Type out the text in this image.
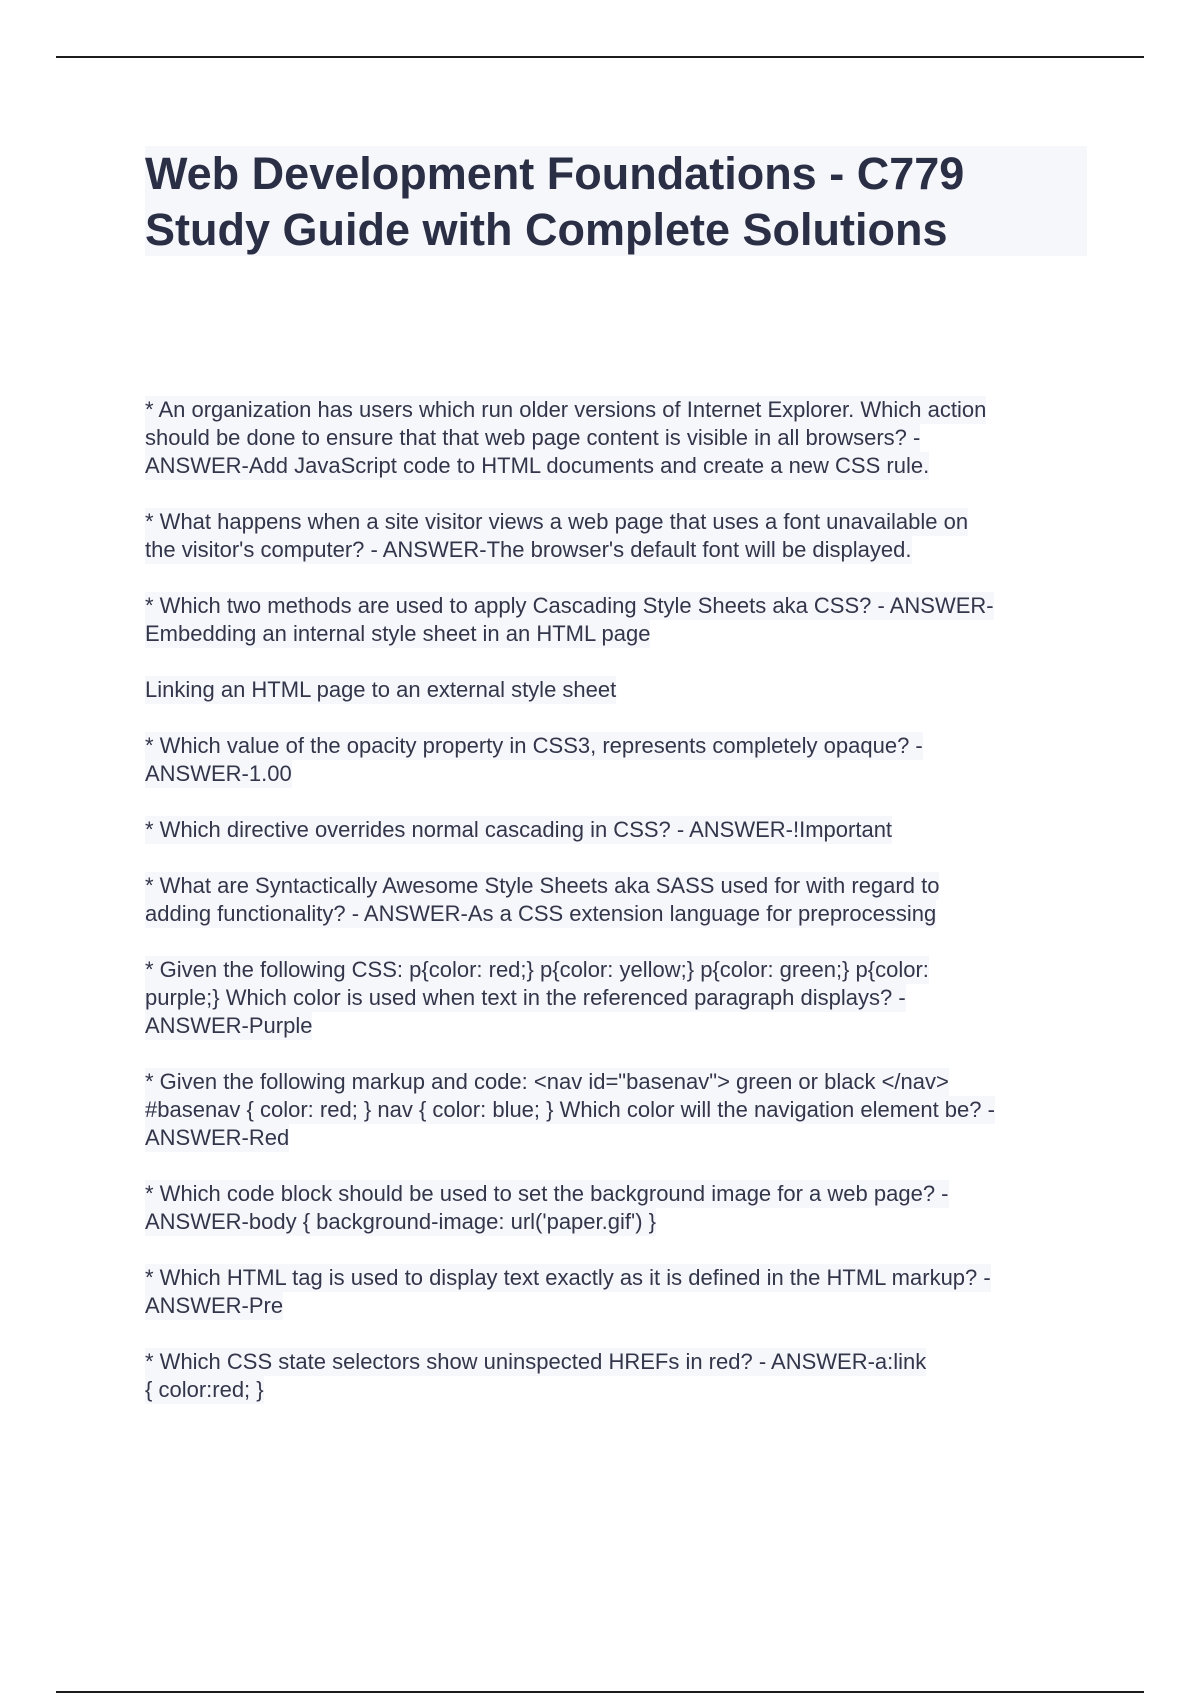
Web Development Foundations - C779
Study Guide with Complete Solutions
* An organization has users which run older versions of Internet Explorer. Which action
should be done to ensure that that web page content is visible in all browsers? -
ANSWER-Add JavaScript code to HTML documents and create a new CSS rule.
* What happens when a site visitor views a web page that uses a font unavailable on
the visitor's computer? - ANSWER-The browser's default font will be displayed.
* Which two methods are used to apply Cascading Style Sheets aka CSS? - ANSWER-
Embedding an internal style sheet in an HTML page
Linking an HTML page to an external style sheet
* Which value of the opacity property in CSS3, represents completely opaque? -
ANSWER-1.00
* Which directive overrides normal cascading in CSS? - ANSWER-!Important
* What are Syntactically Awesome Style Sheets aka SASS used for with regard to
adding functionality? - ANSWER-As a CSS extension language for preprocessing
* Given the following CSS: p{color: red;} p{color: yellow;} p{color: green;} p{color:
purple;} Which color is used when text in the referenced paragraph displays? -
ANSWER-Purple
* Given the following markup and code: <nav id="basenav"> green or black </nav>
#basenav { color: red; } nav { color: blue; } Which color will the navigation element be? -
ANSWER-Red
* Which code block should be used to set the background image for a web page? -
ANSWER-body { background-image: url('paper.gif') }
* Which HTML tag is used to display text exactly as it is defined in the HTML markup? -
ANSWER-Pre
* Which CSS state selectors show uninspected HREFs in red? - ANSWER-a:link
{ color:red; }
